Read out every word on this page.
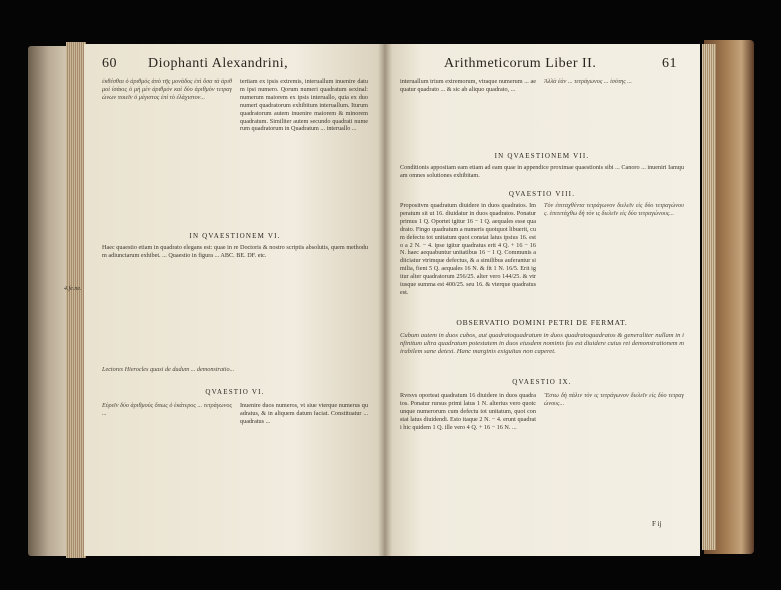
60 Diophanti Alexandrini,
ἐκθέσθαι ὁ ἀριθμὸς ἀπὸ τῆς μονάδος ἐπὶ ὅσα τὰ ἀριθμοὶ ἰσάκις ὁ μὴ μὲν ἀριθμὸν καὶ δύο ἀριθμὸν τετραγώνων ποιεῖν ὁ μέγιστος ἐπὶ τὸ ἐλάχιστον...
tertiam ex ipsis extremis, interuallum inuenire datum ipsi numero. Qorum numeri quadratum sexinal: numerum maiorem ex ipsis interuallo, quia ex duo numeri quadratorum exhibitum interuallum. Iturum quadratorum autem inuenire maiorem & minorem quadratum. Similiter autem secundo quadrati numerum quadratorum in Quadratum ... interuallo ...
IN QVAESTIONEM VI.
Haec quaestio etiam in quadrato elegans est: quae in re Doctoris & nostro scriptis absolutis, quem methodum adiunctarum exhibet. ... Quaestio in figura ... ABC. BE. DF. etc.
Lectores Hierocles quasi de dudum ... demonstratio...
QVAESTIO VI.
Εὑρεῖν δύο ἀριθμοὺς ὅπως ὁ ἑκάτερος ... τετράγωνος ...
Inuenire duos numeros, vt siue vterque numerus quadratus, & in aliquem datum faciat. Constituatur ... quadratus ...
4.fe.ne.
Arithmeticorum Liber II.	61
interuallum trium extremorum, vtraque numerum ... aequatur quadrato ... & sic ab aliquo quadrato, ...
Ἀλλὰ ἐὰν ... τετράγωνος ... ἰσότης ...
IN QVAESTIONEM VII.
Conditionis appositam eam etiam ad eam quae in appendice proximae quaestionis sibi ... Canoro ... inueniri Iamquam omnes solutiones exhibitam.
QVAESTIO VIII.
Propositvm quadratum diuidere in duos quadratos. Imperatum sit ut 16. diuidatur in duos quadratos. Ponatur primus 1 Q. Oportet igitur 16 − 1 Q. aequales esse quadrato. Fingo quadratum a numeris quotquot libuerit, cum defectu tot unitatum quot constat latus ipsius 16. esto a 2 N. − 4. ipse igitur quadratus erit 4 Q. + 16 − 16 N. haec aequabuntur unitatibus 16 − 1 Q. Communis adiiciatur vtrimque defectus, & a similibus auferantur similia, fient 5 Q. aequales 16 N. & fit 1 N. 16/5. Erit igitur alter quadratorum 256/25. alter vero 144/25. & vtriusque summa est 400/25. seu 16. & vterque quadratus est.
Τὸν ἐπιταχθέντα τετράγωνον διελεῖν εἰς δύο τετραγώνους. ἐπιτετάχθω δὴ τὸν ις διελεῖν εἰς δύο τετραγώνους...
OBSERVATIO DOMINI PETRI DE FERMAT.
Cubum autem in duos cubos, aut quadratoquadratum in duos quadratoquadratos & generaliter nullam in infinitum ultra quadratum potestatem in duos eiusdem nominis fas est diuidere cuius rei demonstrationem mirabilem sane detexi. Hanc marginis exiguitas non caperet.
QVAESTIO IX.
Rvrsvs oporteat quadratum 16 diuidere in duos quadratos. Ponatur rursus primi latus 1 N. alterius vero quotcunque numerorum cum defectu tot unitatum, quot constat latus diuidendi. Esto itaque 2 N. − 4. erunt quadrati hic quidem 1 Q. ille vero 4 Q. + 16 − 16 N. ...
Ἔστω δὴ πάλιν τὸν ις τετράγωνον διελεῖν εἰς δύο τετραγώνους...
F ij
